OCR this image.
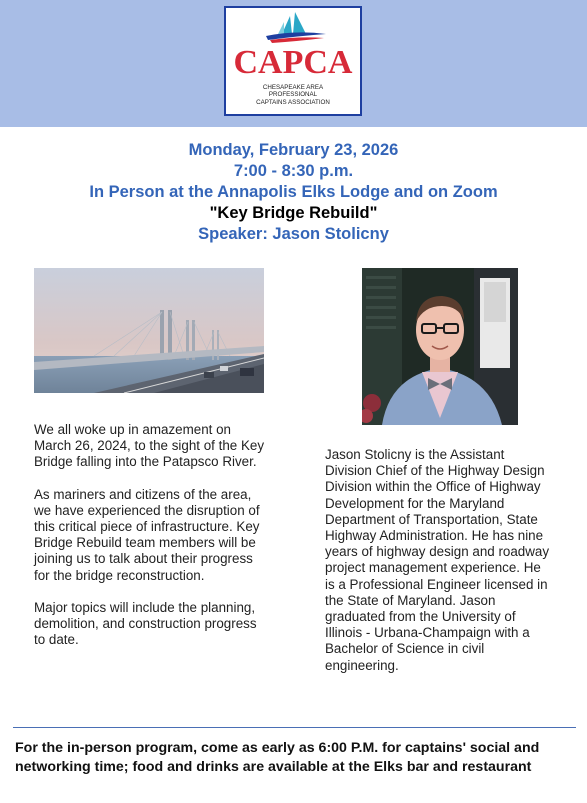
CAPCA
CHESAPEAKE AREA
PROFESSIONAL
CAPTAINS ASSOCIATION
Monday, February 23, 2026
7:00 - 8:30 p.m.
In Person at the Annapolis Elks Lodge and on Zoom
"Key Bridge Rebuild"
Speaker: Jason Stolicny

We all woke up in amazement on March 26, 2024, to the sight of the Key Bridge falling into the Patapsco River.

As mariners and citizens of the area, we have experienced the disruption of this critical piece of infrastructure. Key Bridge Rebuild team members will be joining us to talk about their progress for the bridge reconstruction.

Major topics will include the planning, demolition, and construction progress to date.

Jason Stolicny is the Assistant Division Chief of the Highway Design Division within the Office of Highway Development for the Maryland Department of Transportation, State Highway Administration. He has nine years of highway design and roadway project management experience. He is a Professional Engineer licensed in the State of Maryland. Jason graduated from the University of Illinois - Urbana-Champaign with a Bachelor of Science in civil engineering.

For the in-person program, come as early as 6:00 P.M. for captains' social and networking time; food and drinks are available at the Elks bar and restaurant
